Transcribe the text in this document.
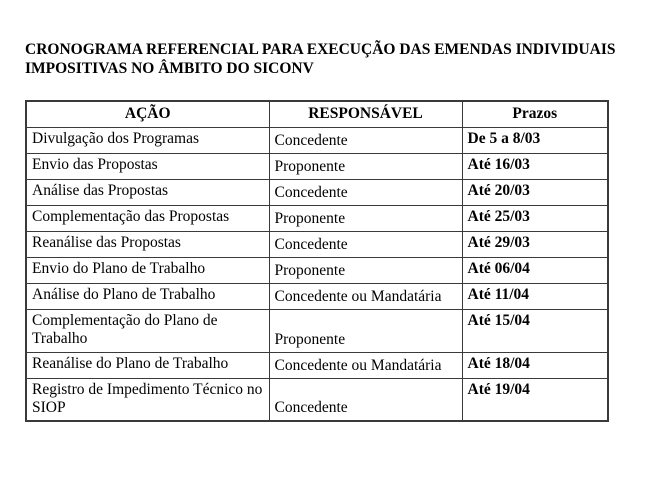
CRONOGRAMA REFERENCIAL PARA EXECUÇÃO DAS EMENDAS INDIVIDUAIS IMPOSITIVAS NO ÂMBITO DO SICONV
AÇÃO	RESPONSÁVEL	Prazos
Divulgação dos Programas	Concedente	De 5 a 8/03
Envio das Propostas	Proponente	Até 16/03
Análise das Propostas	Concedente	Até 20/03
Complementação das Propostas	Proponente	Até 25/03
Reanálise das Propostas	Concedente	Até 29/03
Envio do Plano de Trabalho	Proponente	Até 06/04
Análise do Plano de Trabalho	Concedente ou Mandatária	Até 11/04
Complementação do Plano de Trabalho	Proponente	Até 15/04
Reanálise do Plano de Trabalho	Concedente ou Mandatária	Até 18/04
Registro de Impedimento Técnico no SIOP	Concedente	Até 19/04
